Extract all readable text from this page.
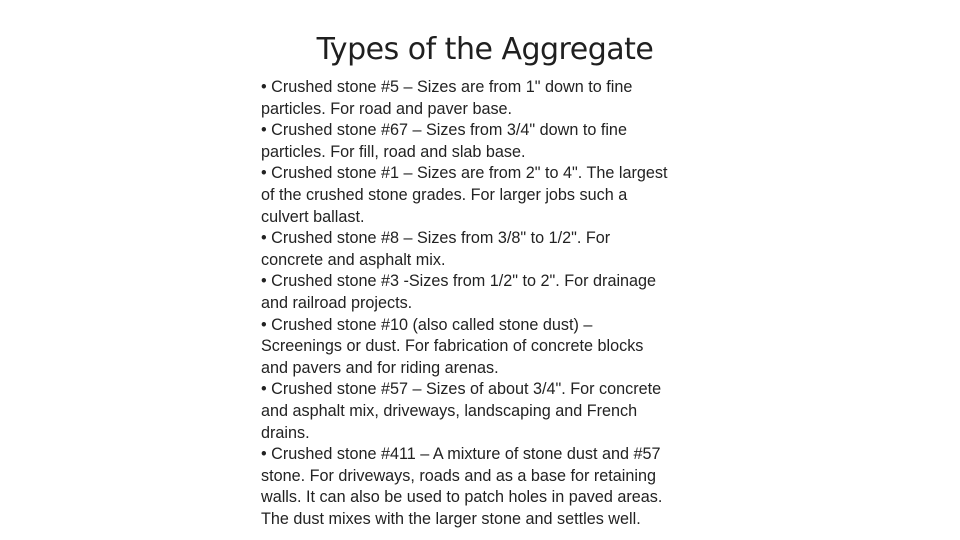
Types of the Aggregate
• Crushed stone #5 – Sizes are from 1" down to fine
particles. For road and paver base.
• Crushed stone #67 – Sizes from 3/4" down to fine
particles. For fill, road and slab base.
• Crushed stone #1 – Sizes are from 2" to 4". The largest
of the crushed stone grades. For larger jobs such a
culvert ballast.
• Crushed stone #8 – Sizes from 3/8" to 1/2". For
concrete and asphalt mix.
• Crushed stone #3 -Sizes from 1/2" to 2". For drainage
and railroad projects.
• Crushed stone #10 (also called stone dust) –
Screenings or dust. For fabrication of concrete blocks
and pavers and for riding arenas.
• Crushed stone #57 – Sizes of about 3/4". For concrete
and asphalt mix, driveways, landscaping and French
drains.
• Crushed stone #411 – A mixture of stone dust and #57
stone. For driveways, roads and as a base for retaining
walls. It can also be used to patch holes in paved areas.
The dust mixes with the larger stone and settles well.
